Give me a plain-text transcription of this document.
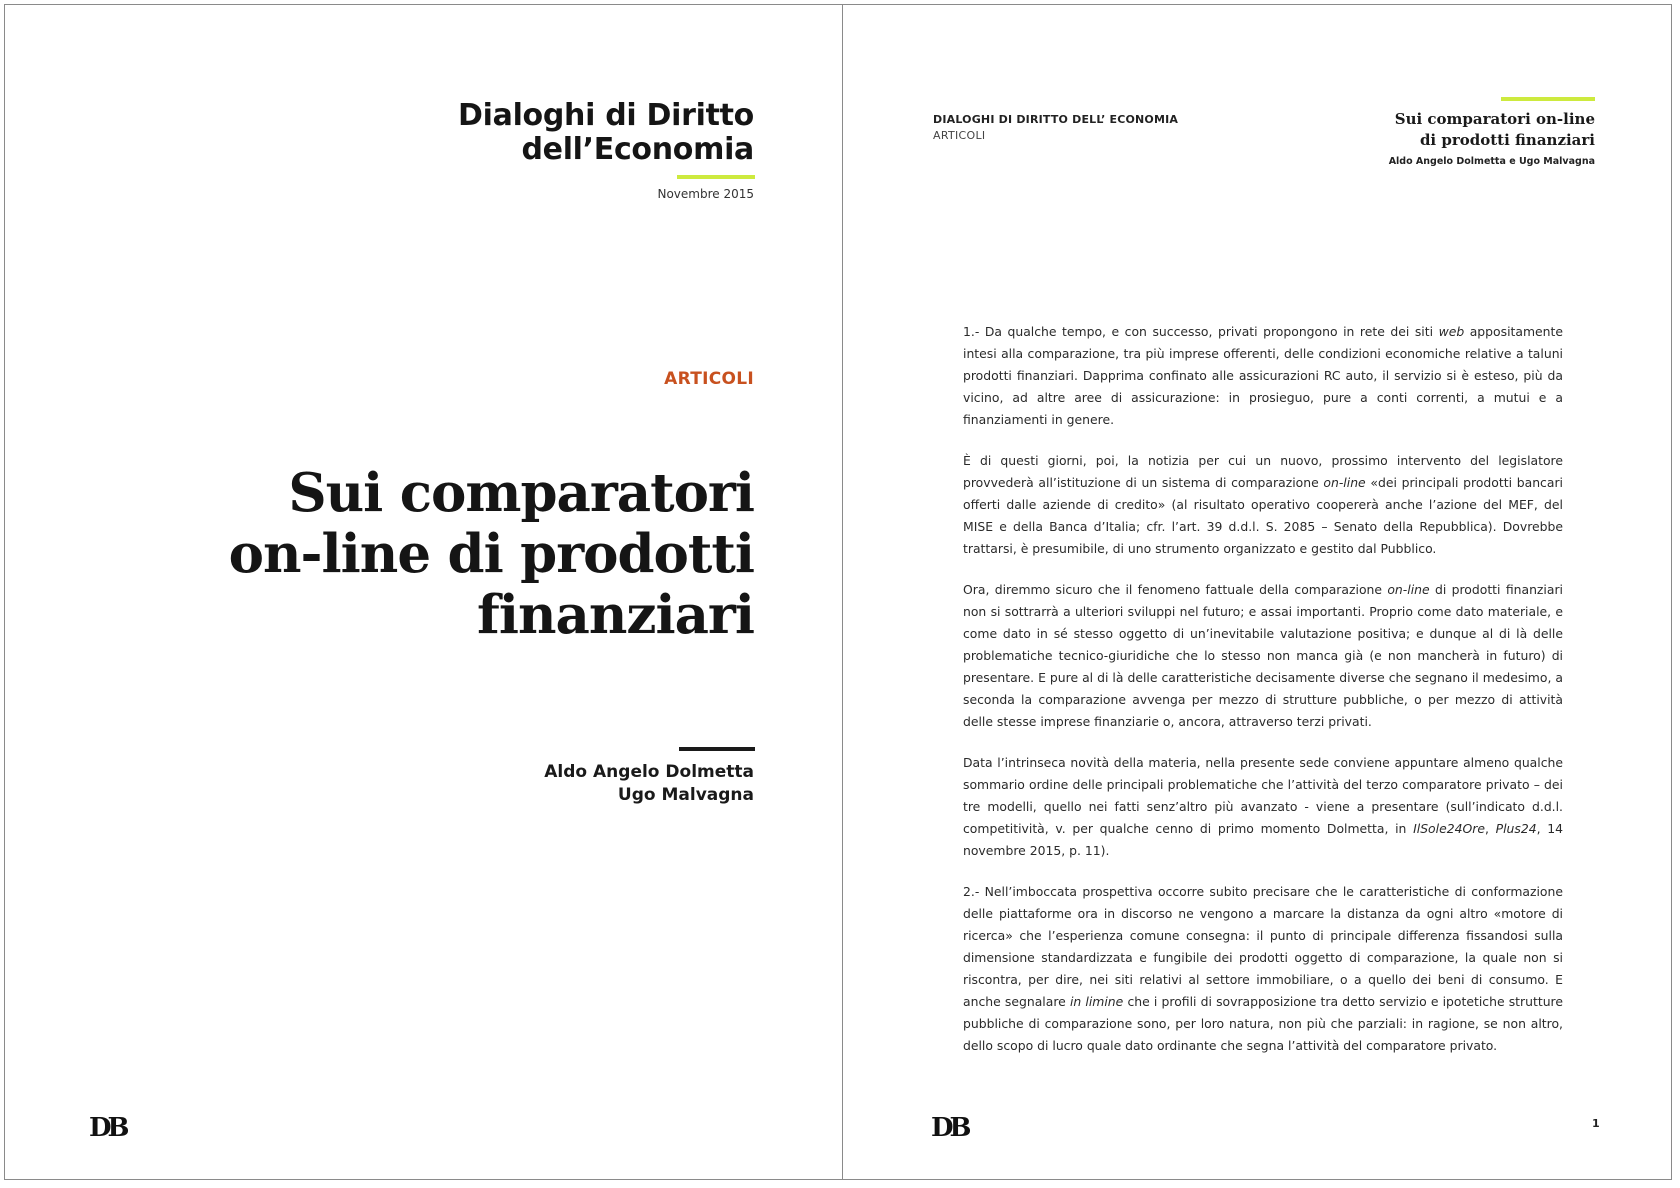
Dialoghi di Diritto
dell’Economia
Novembre 2015
ARTICOLI
Sui comparatori
on-line di prodotti
finanziari
Aldo Angelo Dolmetta
Ugo Malvagna
DB
DIALOGHI DI DIRITTO DELL’ ECONOMIA
ARTICOLI
Sui comparatori on-line
di prodotti finanziari
Aldo Angelo Dolmetta e Ugo Malvagna

1.- Da qualche tempo, e con successo, privati propongono in rete dei siti web appositamente intesi alla comparazione, tra più imprese offerenti, delle condizioni economiche relative a taluni prodotti finanziari. Dapprima confinato alle assicurazioni RC auto, il servizio si è esteso, più da vicino, ad altre aree di assicurazione: in prosieguo, pure a conti correnti, a mutui e a finanziamenti in genere.

È di questi giorni, poi, la notizia per cui un nuovo, prossimo intervento del legislatore provvederà all’istituzione di un sistema di comparazione on-line «dei principali prodotti bancari offerti dalle aziende di credito» (al risultato operativo coopererà anche l’azione del MEF, del MISE e della Banca d’Italia; cfr. l’art. 39 d.d.l. S. 2085 – Senato della Repubblica). Dovrebbe trattarsi, è presumibile, di uno strumento organizzato e gestito dal Pubblico.

Ora, diremmo sicuro che il fenomeno fattuale della comparazione on-line di prodotti finanziari non si sottrarrà a ulteriori sviluppi nel futuro; e assai importanti. Proprio come dato materiale, e come dato in sé stesso oggetto di un’inevitabile valutazione positiva; e dunque al di là delle problematiche tecnico-giuridiche che lo stesso non manca già (e non mancherà in futuro) di presentare. E pure al di là delle caratteristiche decisamente diverse che segnano il medesimo, a seconda la comparazione avvenga per mezzo di strutture pubbliche, o per mezzo di attività delle stesse imprese finanziarie o, ancora, attraverso terzi privati.

Data l’intrinseca novità della materia, nella presente sede conviene appuntare almeno qualche sommario ordine delle principali problematiche che l’attività del terzo comparatore privato – dei tre modelli, quello nei fatti senz’altro più avanzato - viene a presentare (sull’indicato d.d.l. competitività, v. per qualche cenno di primo momento Dolmetta, in IlSole24Ore, Plus24, 14 novembre 2015, p. 11).

2.- Nell’imboccata prospettiva occorre subito precisare che le caratteristiche di conformazione delle piattaforme ora in discorso ne vengono a marcare la distanza da ogni altro «motore di ricerca» che l’esperienza comune consegna: il punto di principale differenza fissandosi sulla dimensione standardizzata e fungibile dei prodotti oggetto di comparazione, la quale non si riscontra, per dire, nei siti relativi al settore immobiliare, o a quello dei beni di consumo. E anche segnalare in limine che i profili di sovrapposizione tra detto servizio e ipotetiche strutture pubbliche di comparazione sono, per loro natura, non più che parziali: in ragione, se non altro, dello scopo di lucro quale dato ordinante che segna l’attività del comparatore privato.

DB	1
